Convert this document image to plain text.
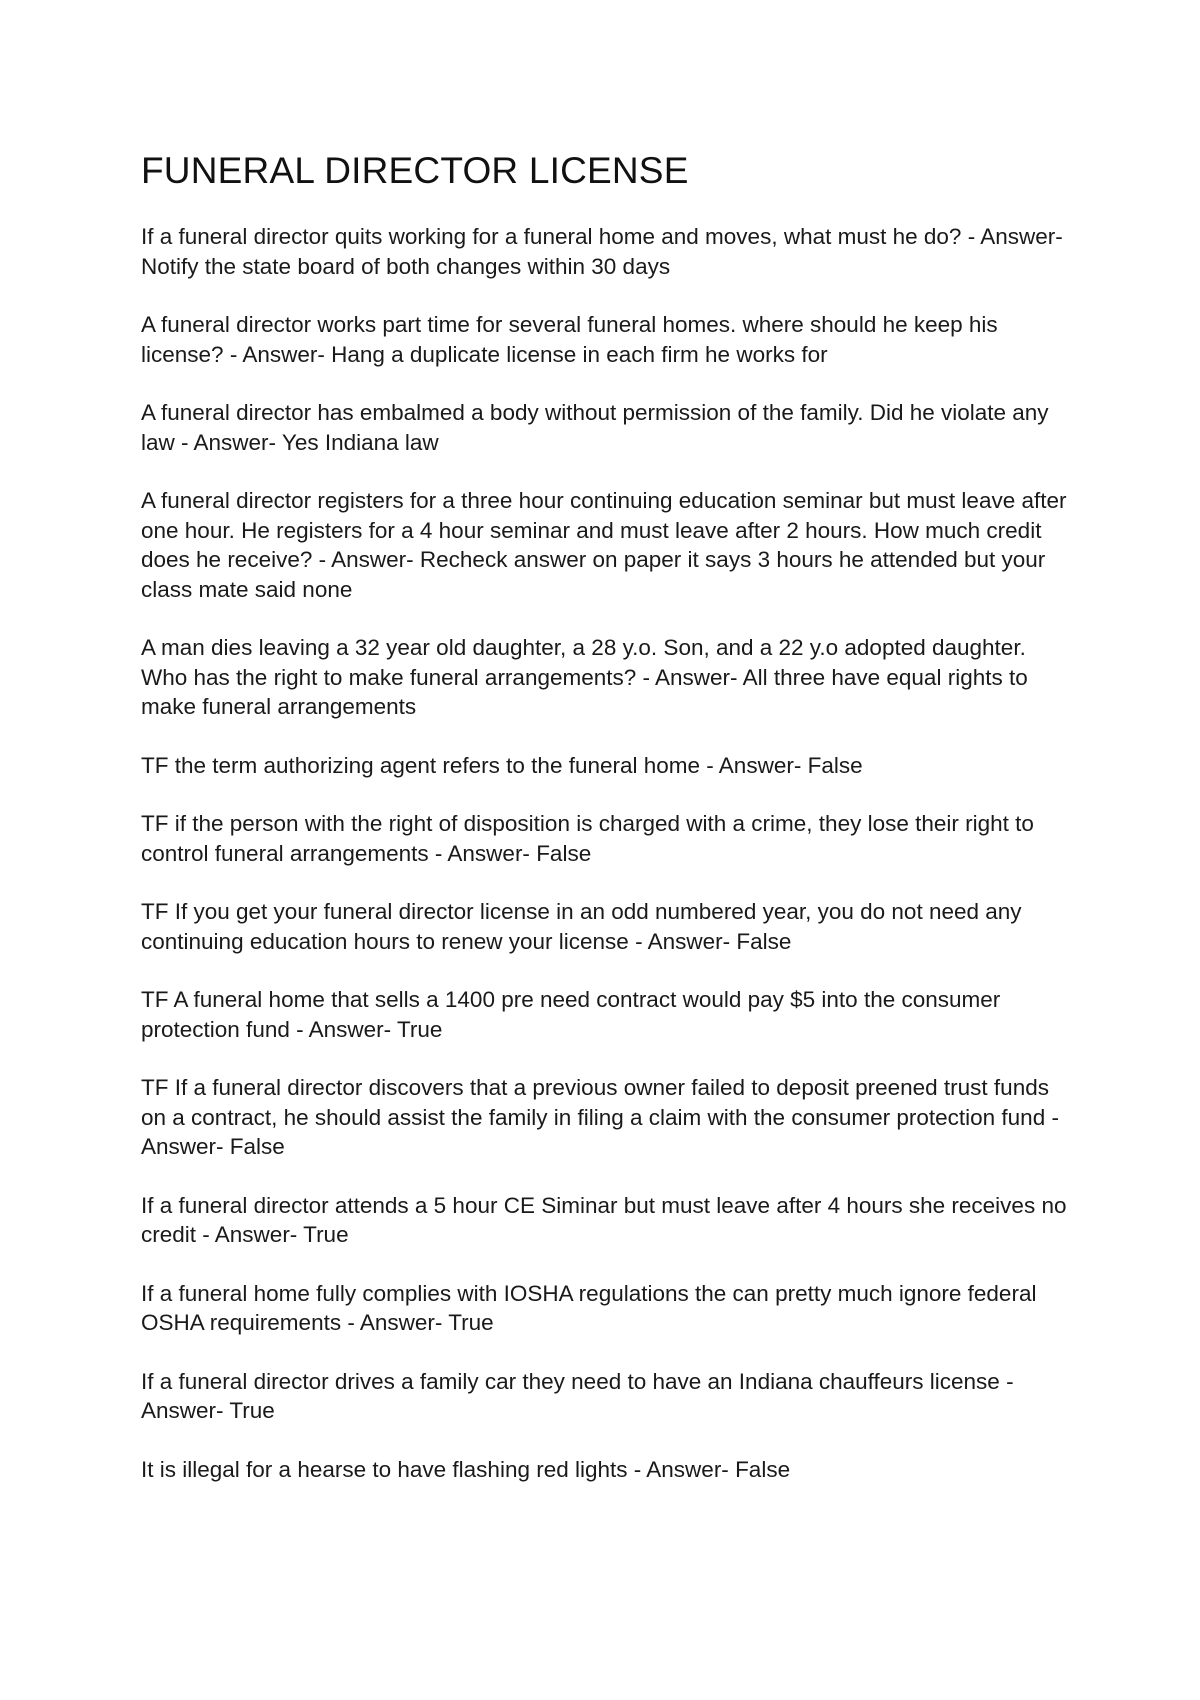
FUNERAL DIRECTOR LICENSE

If a funeral director quits working for a funeral home and moves, what must he do? - Answer- Notify the state board of both changes within 30 days

A funeral director works part time for several funeral homes. where should he keep his license? - Answer- Hang a duplicate license in each firm he works for

A funeral director has embalmed a body without permission of the family. Did he violate any law - Answer- Yes Indiana law

A funeral director registers for a three hour continuing education seminar but must leave after one hour. He registers for a 4 hour seminar and must leave after 2 hours. How much credit does he receive? - Answer- Recheck answer on paper it says 3 hours he attended but your class mate said none

A man dies leaving a 32 year old daughter, a 28 y.o. Son, and a 22 y.o adopted daughter. Who has the right to make funeral arrangements? - Answer- All three have equal rights to make funeral arrangements

TF the term authorizing agent refers to the funeral home - Answer- False

TF if the person with the right of disposition is charged with a crime, they lose their right to control funeral arrangements - Answer- False

TF If you get your funeral director license in an odd numbered year, you do not need any continuing education hours to renew your license - Answer- False

TF A funeral home that sells a 1400 pre need contract would pay $5 into the consumer protection fund - Answer- True

TF If a funeral director discovers that a previous owner failed to deposit preened trust funds on a contract, he should assist the family in filing a claim with the consumer protection fund - Answer- False

If a funeral director attends a 5 hour CE Siminar but must leave after 4 hours she receives no credit - Answer- True

If a funeral home fully complies with IOSHA regulations the can pretty much ignore federal OSHA requirements - Answer- True

If a funeral director drives a family car they need to have an Indiana chauffeurs license - Answer- True

It is illegal for a hearse to have flashing red lights - Answer- False
